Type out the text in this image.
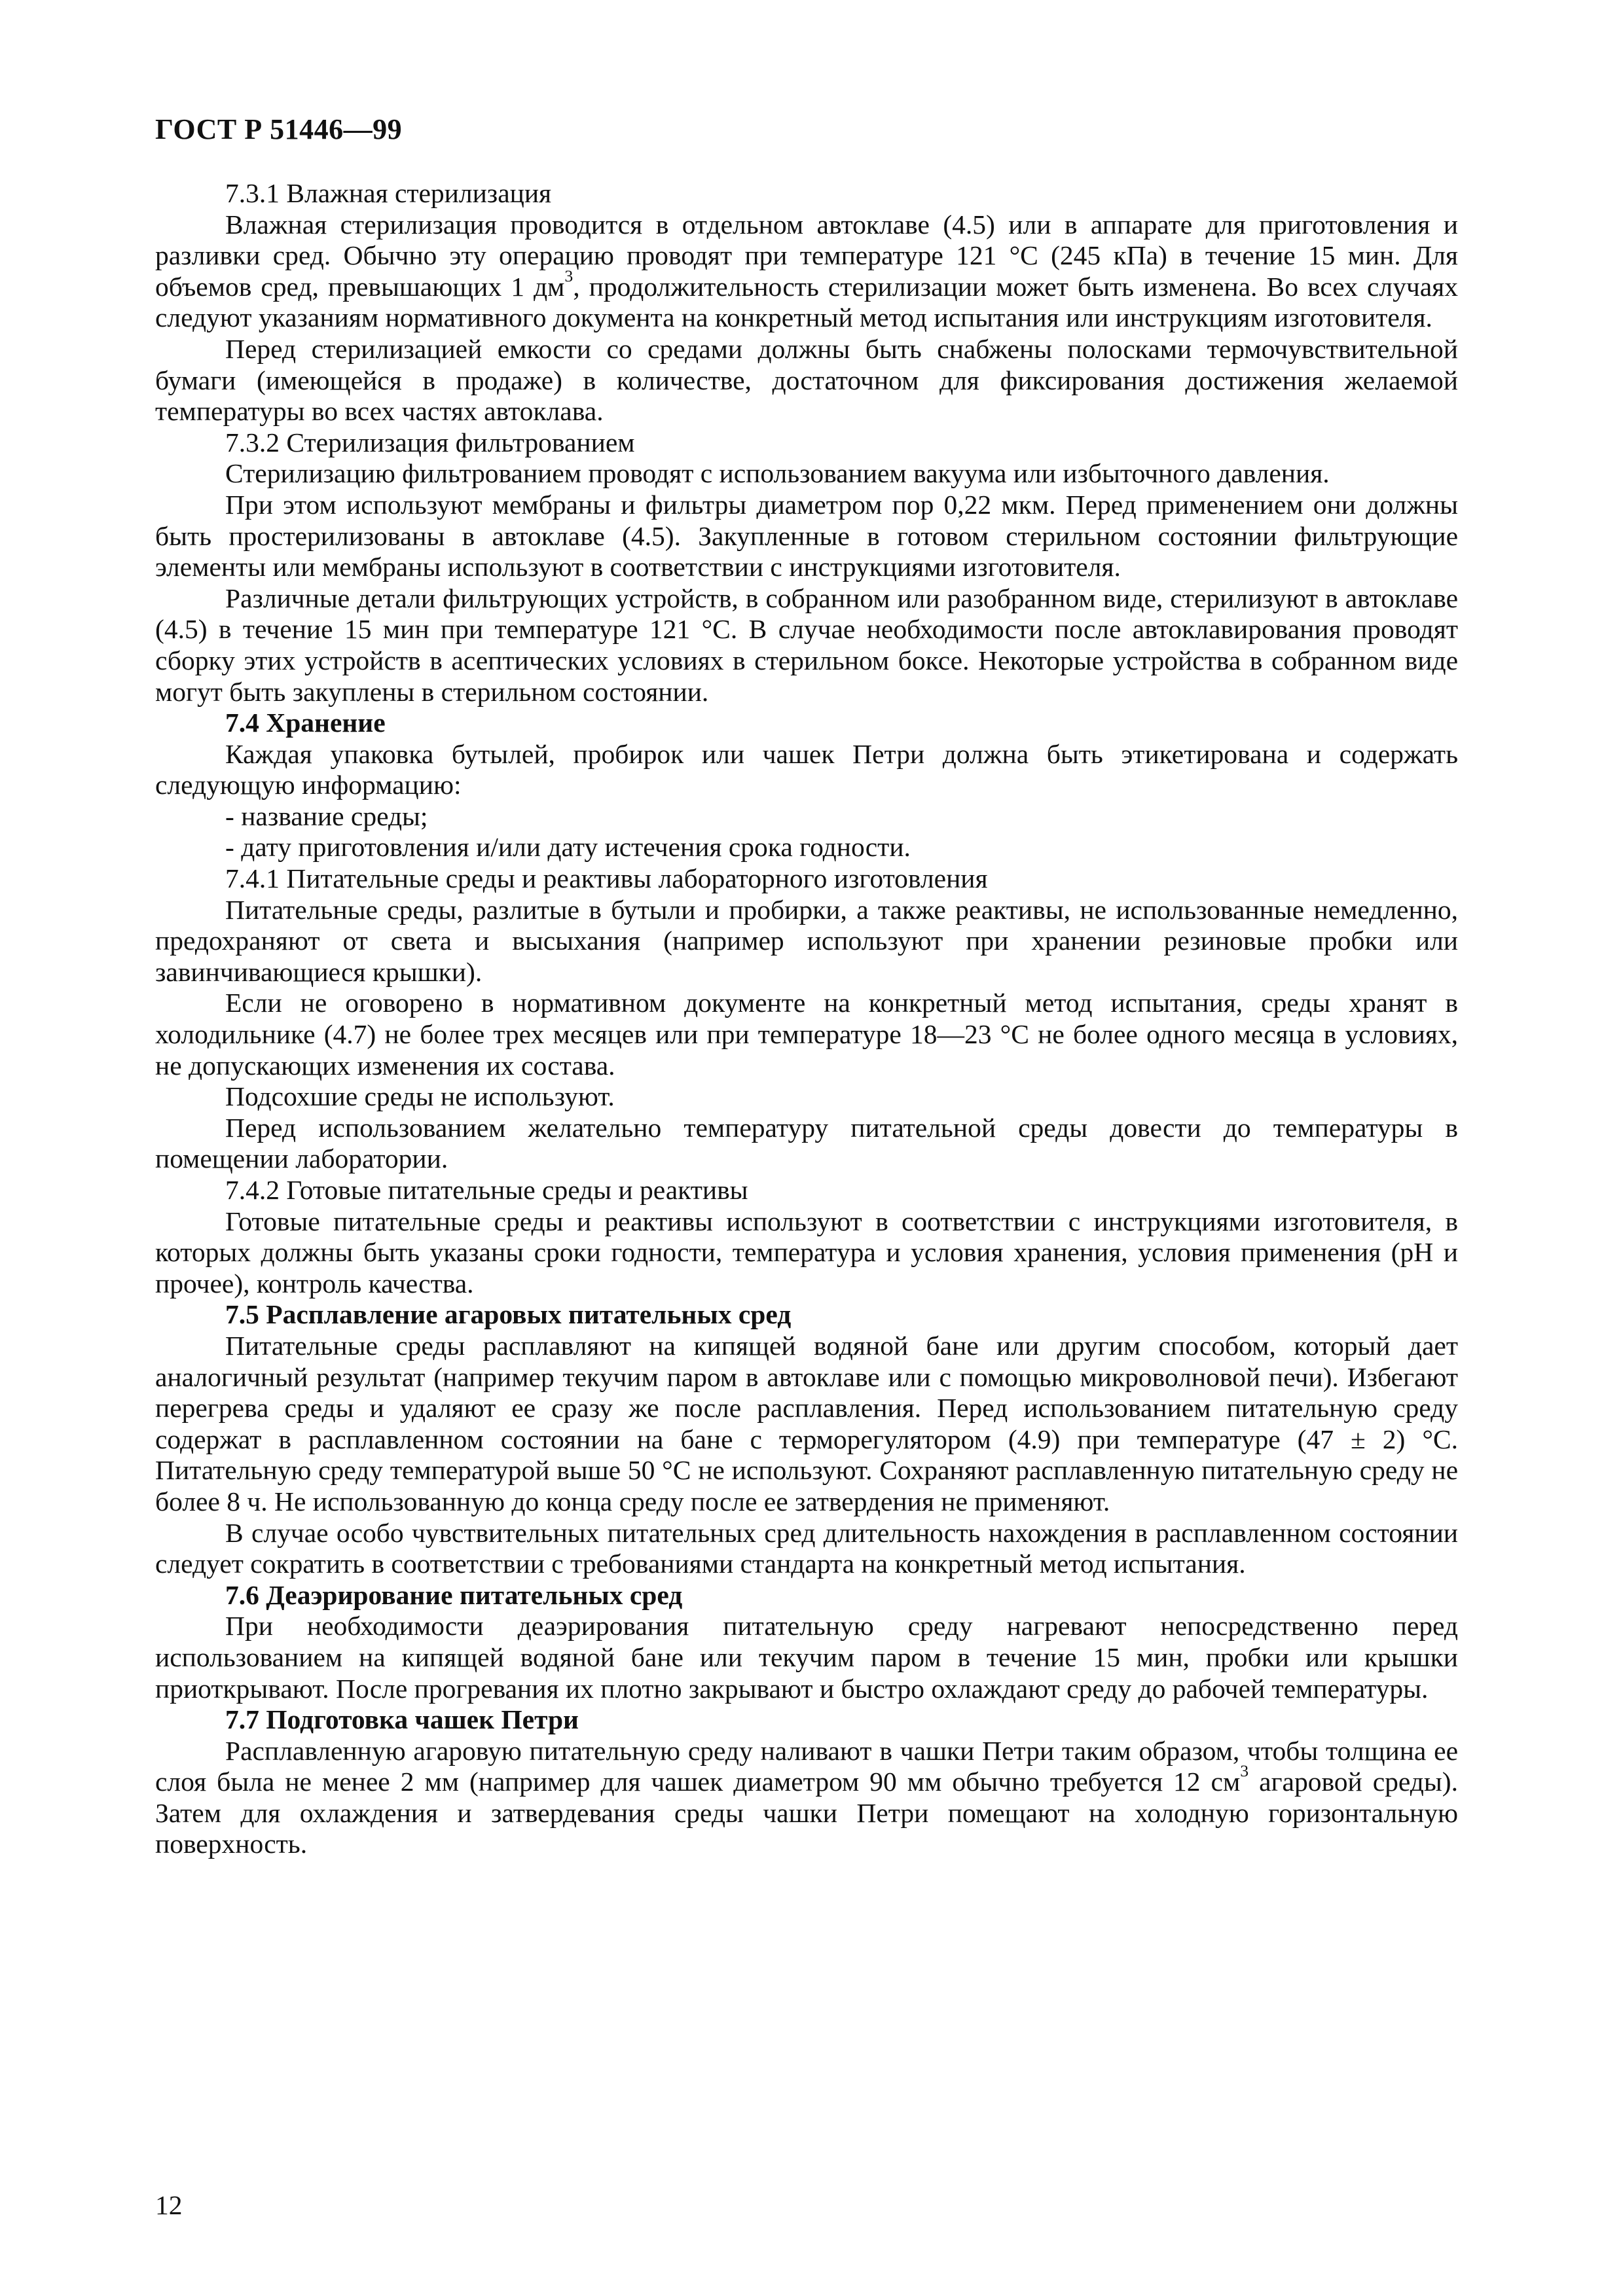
ГОСТ Р 51446—99

7.3.1 Влажная стерилизация

Влажная стерилизация проводится в отдельном автоклаве (4.5) или в аппарате для приготовления и разливки сред. Обычно эту операцию проводят при температуре 121 °С (245 кПа) в течение 15 мин. Для объемов сред, превышающих 1 $дм^3$, продолжительность стерилизации может быть изменена. Во всех случаях следуют указаниям нормативного документа на конкретный метод испытания или инструкциям изготовителя.

Перед стерилизацией емкости со средами должны быть снабжены полосками термочувствительной бумаги (имеющейся в продаже) в количестве, достаточном для фиксирования достижения желаемой температуры во всех частях автоклава.

7.3.2 Стерилизация фильтрованием

Стерилизацию фильтрованием проводят с использованием вакуума или избыточного давления.

При этом используют мембраны и фильтры диаметром пор 0,22 мкм. Перед применением они должны быть простерилизованы в автоклаве (4.5). Закупленные в готовом стерильном состоянии фильтрующие элементы или мембраны используют в соответствии с инструкциями изготовителя.

Различные детали фильтрующих устройств, в собранном или разобранном виде, стерилизуют в автоклаве (4.5) в течение 15 мин при температуре 121 °С. В случае необходимости после автоклавирования проводят сборку этих устройств в асептических условиях в стерильном боксе. Некоторые устройства в собранном виде могут быть закуплены в стерильном состоянии.

7.4 Хранение

Каждая упаковка бутылей, пробирок или чашек Петри должна быть этикетирована и содержать следующую информацию:

- название среды;

- дату приготовления и/или дату истечения срока годности.

7.4.1 Питательные среды и реактивы лабораторного изготовления

Питательные среды, разлитые в бутыли и пробирки, а также реактивы, не использованные немедленно, предохраняют от света и высыхания (например используют при хранении резиновые пробки или завинчивающиеся крышки).

Если не оговорено в нормативном документе на конкретный метод испытания, среды хранят в холодильнике (4.7) не более трех месяцев или при температуре 18—23 °С не более одного месяца в условиях, не допускающих изменения их состава.

Подсохшие среды не используют.

Перед использованием желательно температуру питательной среды довести до температуры в помещении лаборатории.

7.4.2 Готовые питательные среды и реактивы

Готовые питательные среды и реактивы используют в соответствии с инструкциями изготовителя, в которых должны быть указаны сроки годности, температура и условия хранения, условия применения (pH и прочее), контроль качества.

7.5 Расплавление агаровых питательных сред

Питательные среды расплавляют на кипящей водяной бане или другим способом, который дает аналогичный результат (например текучим паром в автоклаве или с помощью микроволновой печи). Избегают перегрева среды и удаляют ее сразу же после расплавления. Перед использованием питательную среду содержат в расплавленном состоянии на бане с терморегулятором (4.9) при температуре (47 ± 2) °С. Питательную среду температурой выше 50 °С не используют. Сохраняют расплавленную питательную среду не более 8 ч. Не использованную до конца среду после ее затвердения не применяют.

В случае особо чувствительных питательных сред длительность нахождения в расплавленном состоянии следует сократить в соответствии с требованиями стандарта на конкретный метод испытания.

7.6 Деаэрирование питательных сред

При необходимости деаэрирования питательную среду нагревают непосредственно перед использованием на кипящей водяной бане или текучим паром в течение 15 мин, пробки или крышки приоткрывают. После прогревания их плотно закрывают и быстро охлаждают среду до рабочей температуры.

7.7 Подготовка чашек Петри

Расплавленную агаровую питательную среду наливают в чашки Петри таким образом, чтобы толщина ее слоя была не менее 2 мм (например для чашек диаметром 90 мм обычно требуется 12 $см^3$ агаровой среды). Затем для охлаждения и затвердевания среды чашки Петри помещают на холодную горизонтальную поверхность.

12
